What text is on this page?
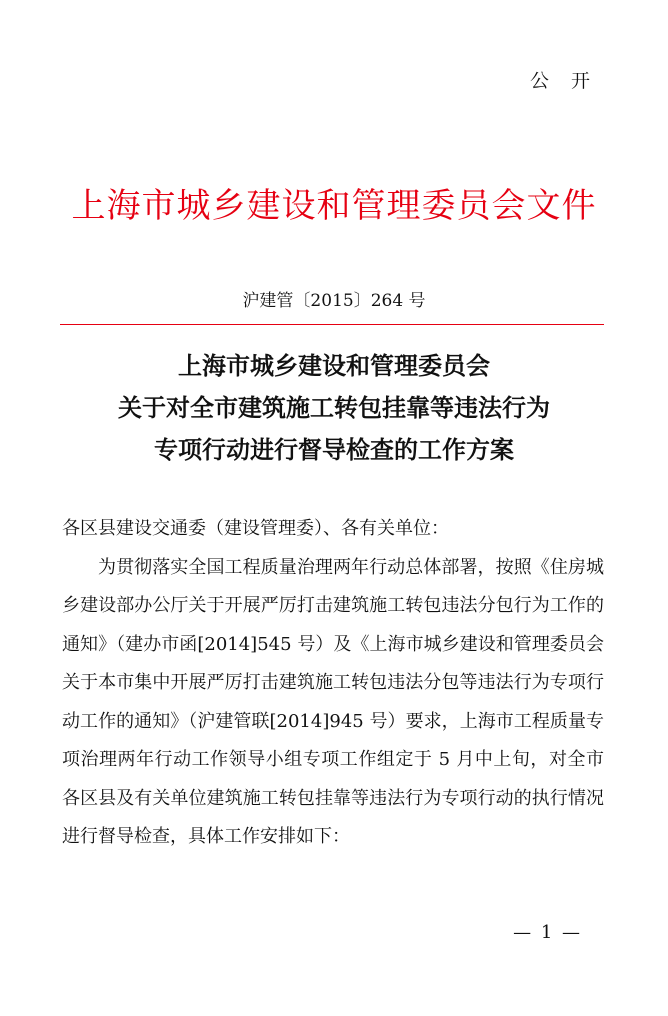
公 开
上海市城乡建设和管理委员会文件
沪建管〔2015〕264 号
上海市城乡建设和管理委员会
关于对全市建筑施工转包挂靠等违法行为
专项行动进行督导检查的工作方案
各区县建设交通委（建设管理委）、各有关单位：
为贯彻落实全国工程质量治理两年行动总体部署，按照《住房城乡建设部办公厅关于开展严厉打击建筑施工转包违法分包行为工作的通知》（建办市函[2014]545 号）及《上海市城乡建设和管理委员会关于本市集中开展严厉打击建筑施工转包违法分包等违法行为专项行动工作的通知》（沪建管联[2014]945 号）要求，上海市工程质量专项治理两年行动工作领导小组专项工作组定于 5 月中上旬，对全市各区县及有关单位建筑施工转包挂靠等违法行为专项行动的执行情况进行督导检查，具体工作安排如下：
— 1 —
